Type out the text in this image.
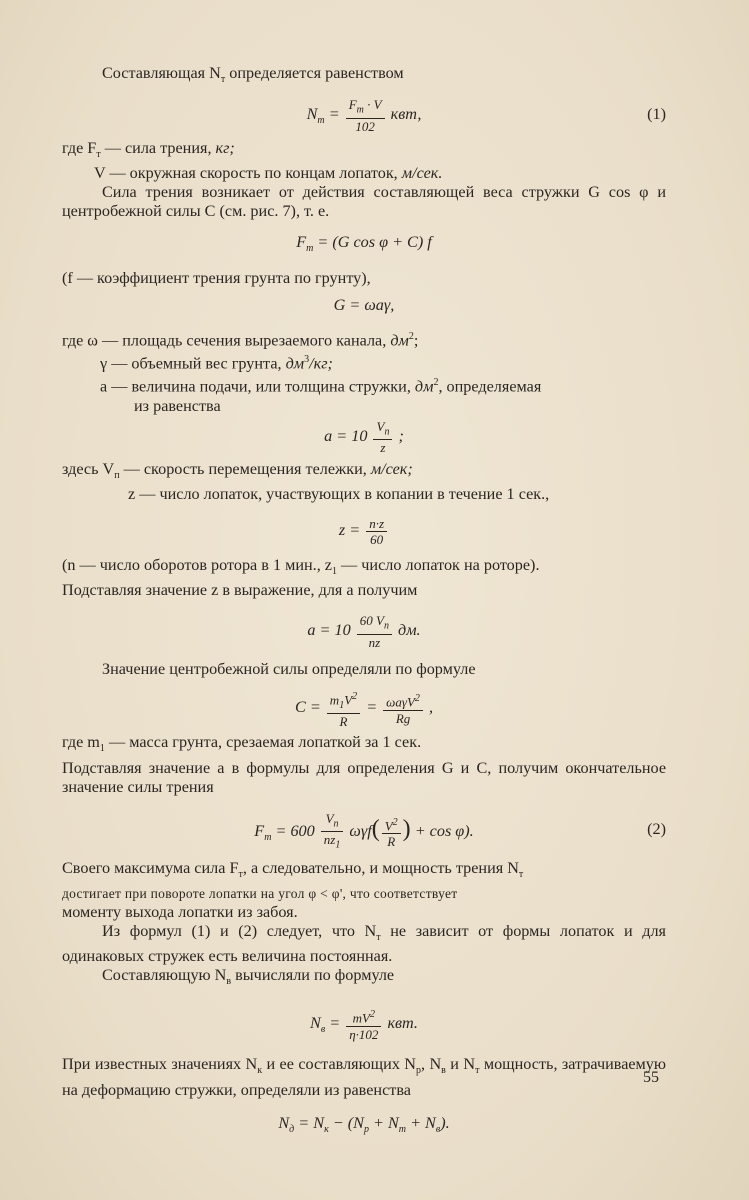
Составляющая $N_т$ определяется равенством

$N_т = \frac{F_т \cdot V}{102}$ квт,	(1)

где $F_т$ — сила трения, кг;

V — окружная скорость по концам лопаток, м/сек.

Сила трения возникает от действия составляющей веса стружки G cos φ и центробежной силы C (см. рис. 7), т. е.

$F_т = (G$ cos φ + C) f

(f — коэффициент трения грунта по грунту),

G = ωaγ,

где ω — площадь сечения вырезаемого канала, $дм^2$;

γ — объемный вес грунта, $дм^3/кг$;

a — величина подачи, или толщина стружки, $дм^2$, определяемая

из равенства

$a = 10 \frac{V_п}{z}$ ;

здесь $V_п$ — скорость перемещения тележки, м/сек;

z — число лопаток, участвующих в копании в течение 1 сек.,

$z = \frac{n\cdot z}{60}$

(n — число оборотов ротора в 1 мин., $z_1$ — число лопаток на роторе).

Подставляя значение z в выражение, для a получим

$a = 10 \frac{60 V_п}{nz}$ дм.

Значение центробежной силы определяли по формуле

$C = \frac{m_1V^2}{R} = \frac{\omega a\gamma V^2}{Rg}$ ,

где $m_1$ — масса грунта, срезаемая лопаткой за 1 сек.

Подставляя значение a в формулы для определения G и C, получим окончательное значение силы трения

$F_т = 600 \frac{V_п}{nz_1} \omega\gamma f( \frac{V^2}{R}$ ) + cos φ).	(2)

Своего максимума сила $F_т$, а следовательно, и мощность трения $N_т$

достигает при повороте лопатки на угол φ < φ', что соответствует

моменту выхода лопатки из забоя.

Из формул (1) и (2) следует, что $N_т$ не зависит от формы лопаток и для одинаковых стружек есть величина постоянная.

Составляющую $N_в$ вычисляли по формуле

$N_в = \frac{mV^2}{\eta\cdot 102}$ квт.

При известных значениях $N_к$ и ее составляющих $N_р$, $N_в$ и $N_т$ мощность, затрачиваемую на деформацию стружки, определяли из равенства

$N_д = N_к - (N_р + N_т + N_в)$.

55
